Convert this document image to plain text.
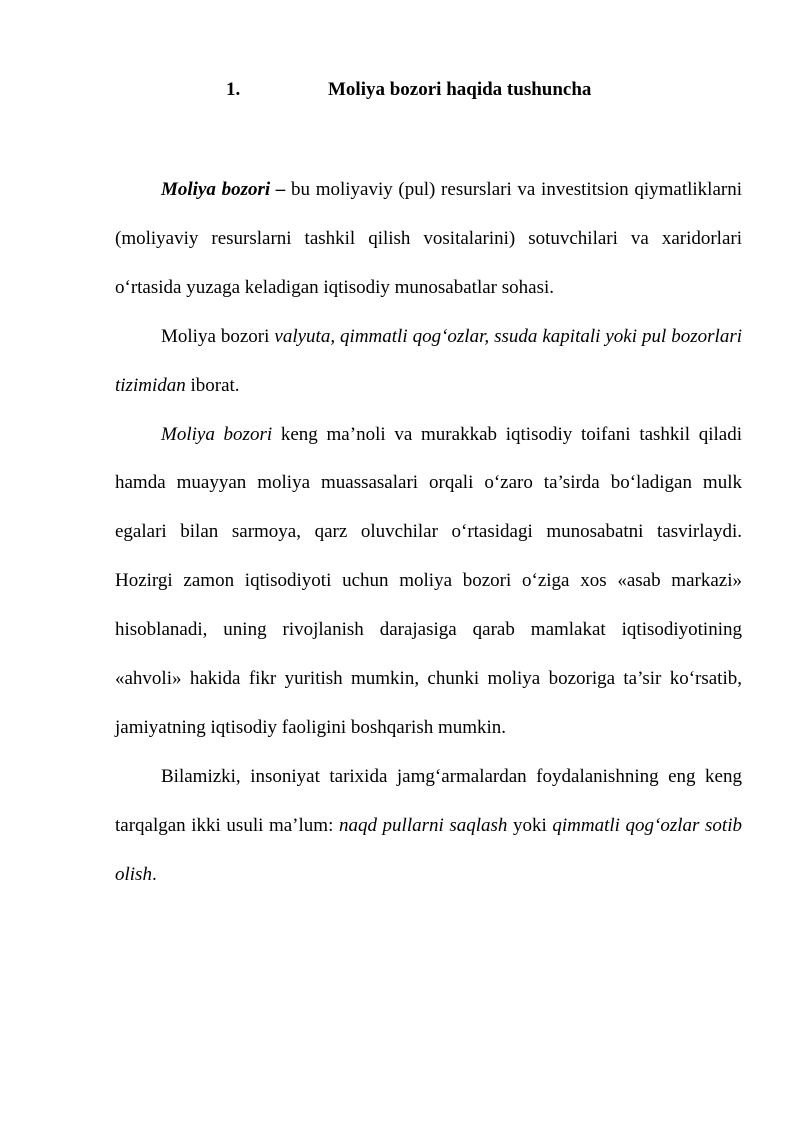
1.	Moliya bozori haqida tushuncha

Moliya bozori – bu moliyaviy (pul) resurslari va investitsion qiymatliklarni (moliyaviy resurslarni tashkil qilish vositalarini) sotuvchilari va xaridorlari o‘rtasida yuzaga keladigan iqtisodiy munosabatlar sohasi.

Moliya bozori valyuta, qimmatli qog‘ozlar, ssuda kapitali yoki pul bozorlari tizimidan iborat.

Moliya bozori keng ma’noli va murakkab iqtisodiy toifani tashkil qiladi hamda muayyan moliya muassasalari orqali o‘zaro ta’sirda bo‘ladigan mulk egalari bilan sarmoya, qarz oluvchilar o‘rtasidagi munosabatni tasvirlaydi. Hozirgi zamon iqtisodiyoti uchun moliya bozori o‘ziga xos «asab markazi» hisoblanadi, uning rivojlanish darajasiga qarab mamlakat iqtisodiyotining «ahvoli» hakida fikr yuritish mumkin, chunki moliya bozoriga ta’sir ko‘rsatib, jamiyatning iqtisodiy faoligini boshqarish mumkin.

Bilamizki, insoniyat tarixida jamg‘armalardan foydalanishning eng keng tarqalgan ikki usuli ma’lum: naqd pullarni saqlash yoki qimmatli qog‘ozlar sotib olish.
